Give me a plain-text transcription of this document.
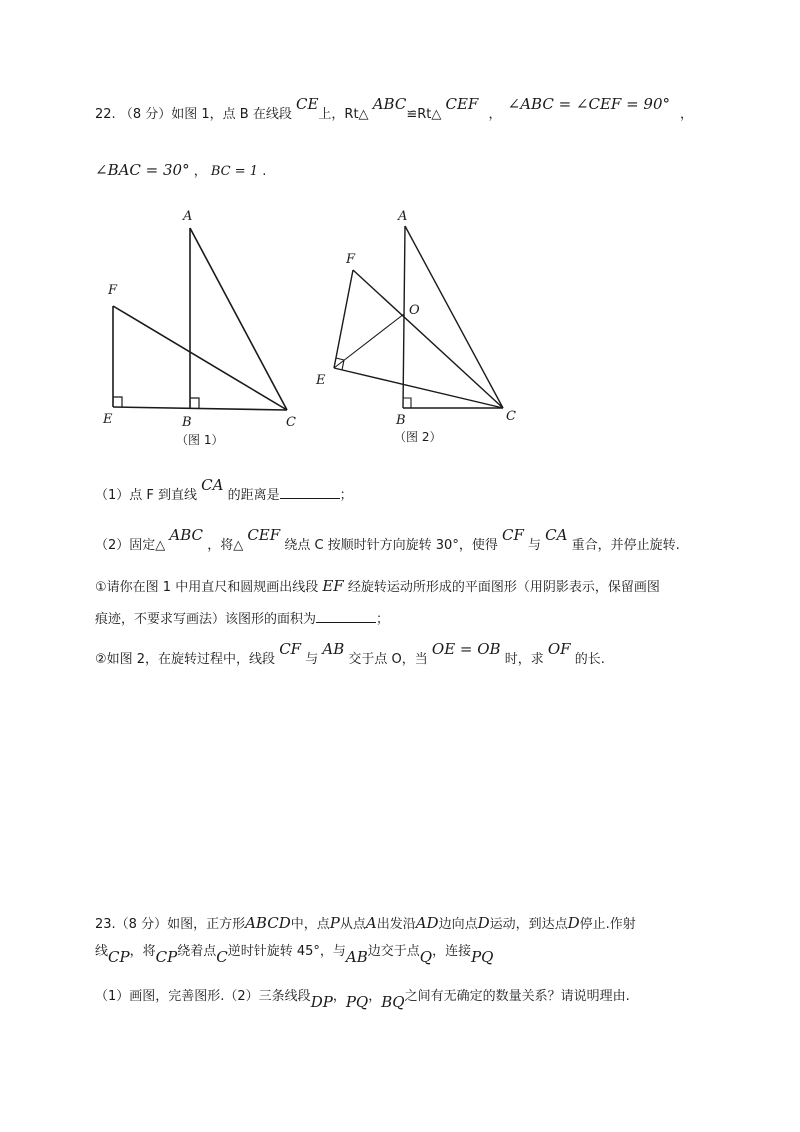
22. （8 分）如图 1，点 B 在线段 CE上，Rt△ ABC≌Rt△ CEF ， ∠ABC = ∠CEF = 90°，
∠BAC = 30° ， BC = 1 .
A
F
E	B	C
（图 1）
A
F
O
E
B	C
（图 2）
（1）点 F 到直线 CA 的距离是	；
（2）固定△ ABC ，将△ CEF 绕点 C 按顺时针方向旋转 30°，使得 CF 与 CA 重合，并停止旋转.
①请你在图 1 中用直尺和圆规画出线段 EF 经旋转运动所形成的平面图形（用阴影表示，保留画图
痕迹，不要求写画法）该图形的面积为	；
②如图 2，在旋转过程中，线段 CF 与 AB 交于点 O，当 OE = OB 时，求 OF 的长.
23.（8 分）如图，正方形ABCD中，点P从点A出发沿AD边向点D运动，到达点D停止.作射
线CP，将CP绕着点C逆时针旋转 45°，与AB边交于点Q，连接PQ
（1）画图，完善图形.（2）三条线段DP，PQ，BQ之间有无确定的数量关系？请说明理由.
